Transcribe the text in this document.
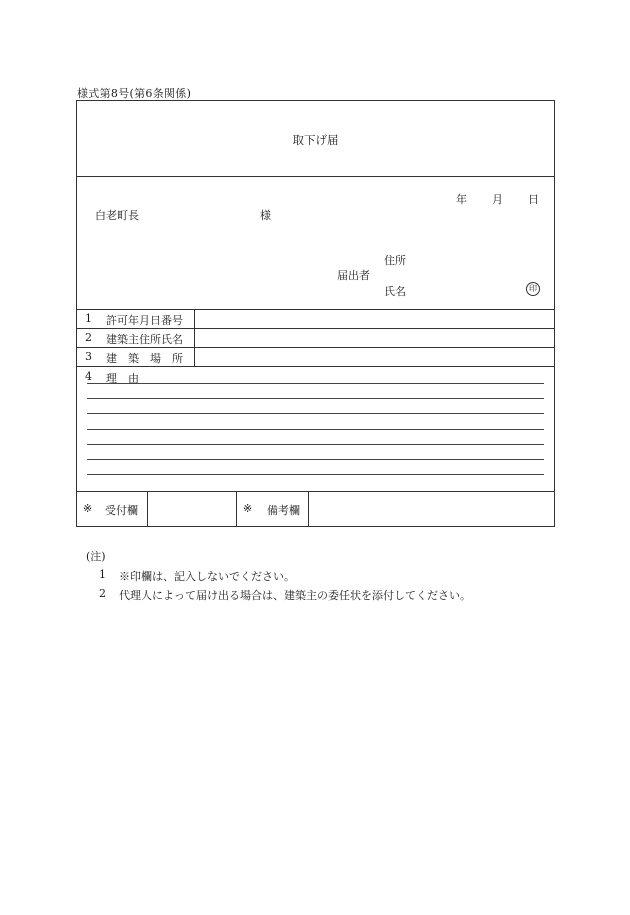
様式第8号(第6条関係)
取下げ届
年 月 日
白老町長	様
住所
届出者
氏名	印
1 許可年月日番号
2 建築主住所氏名
3 建　築　場　所
4 理　由
※ 受付欄	※ 備考欄
(注)
1 ※印欄は、記入しないでください。
2 代理人によって届け出る場合は、建築主の委任状を添付してください。
